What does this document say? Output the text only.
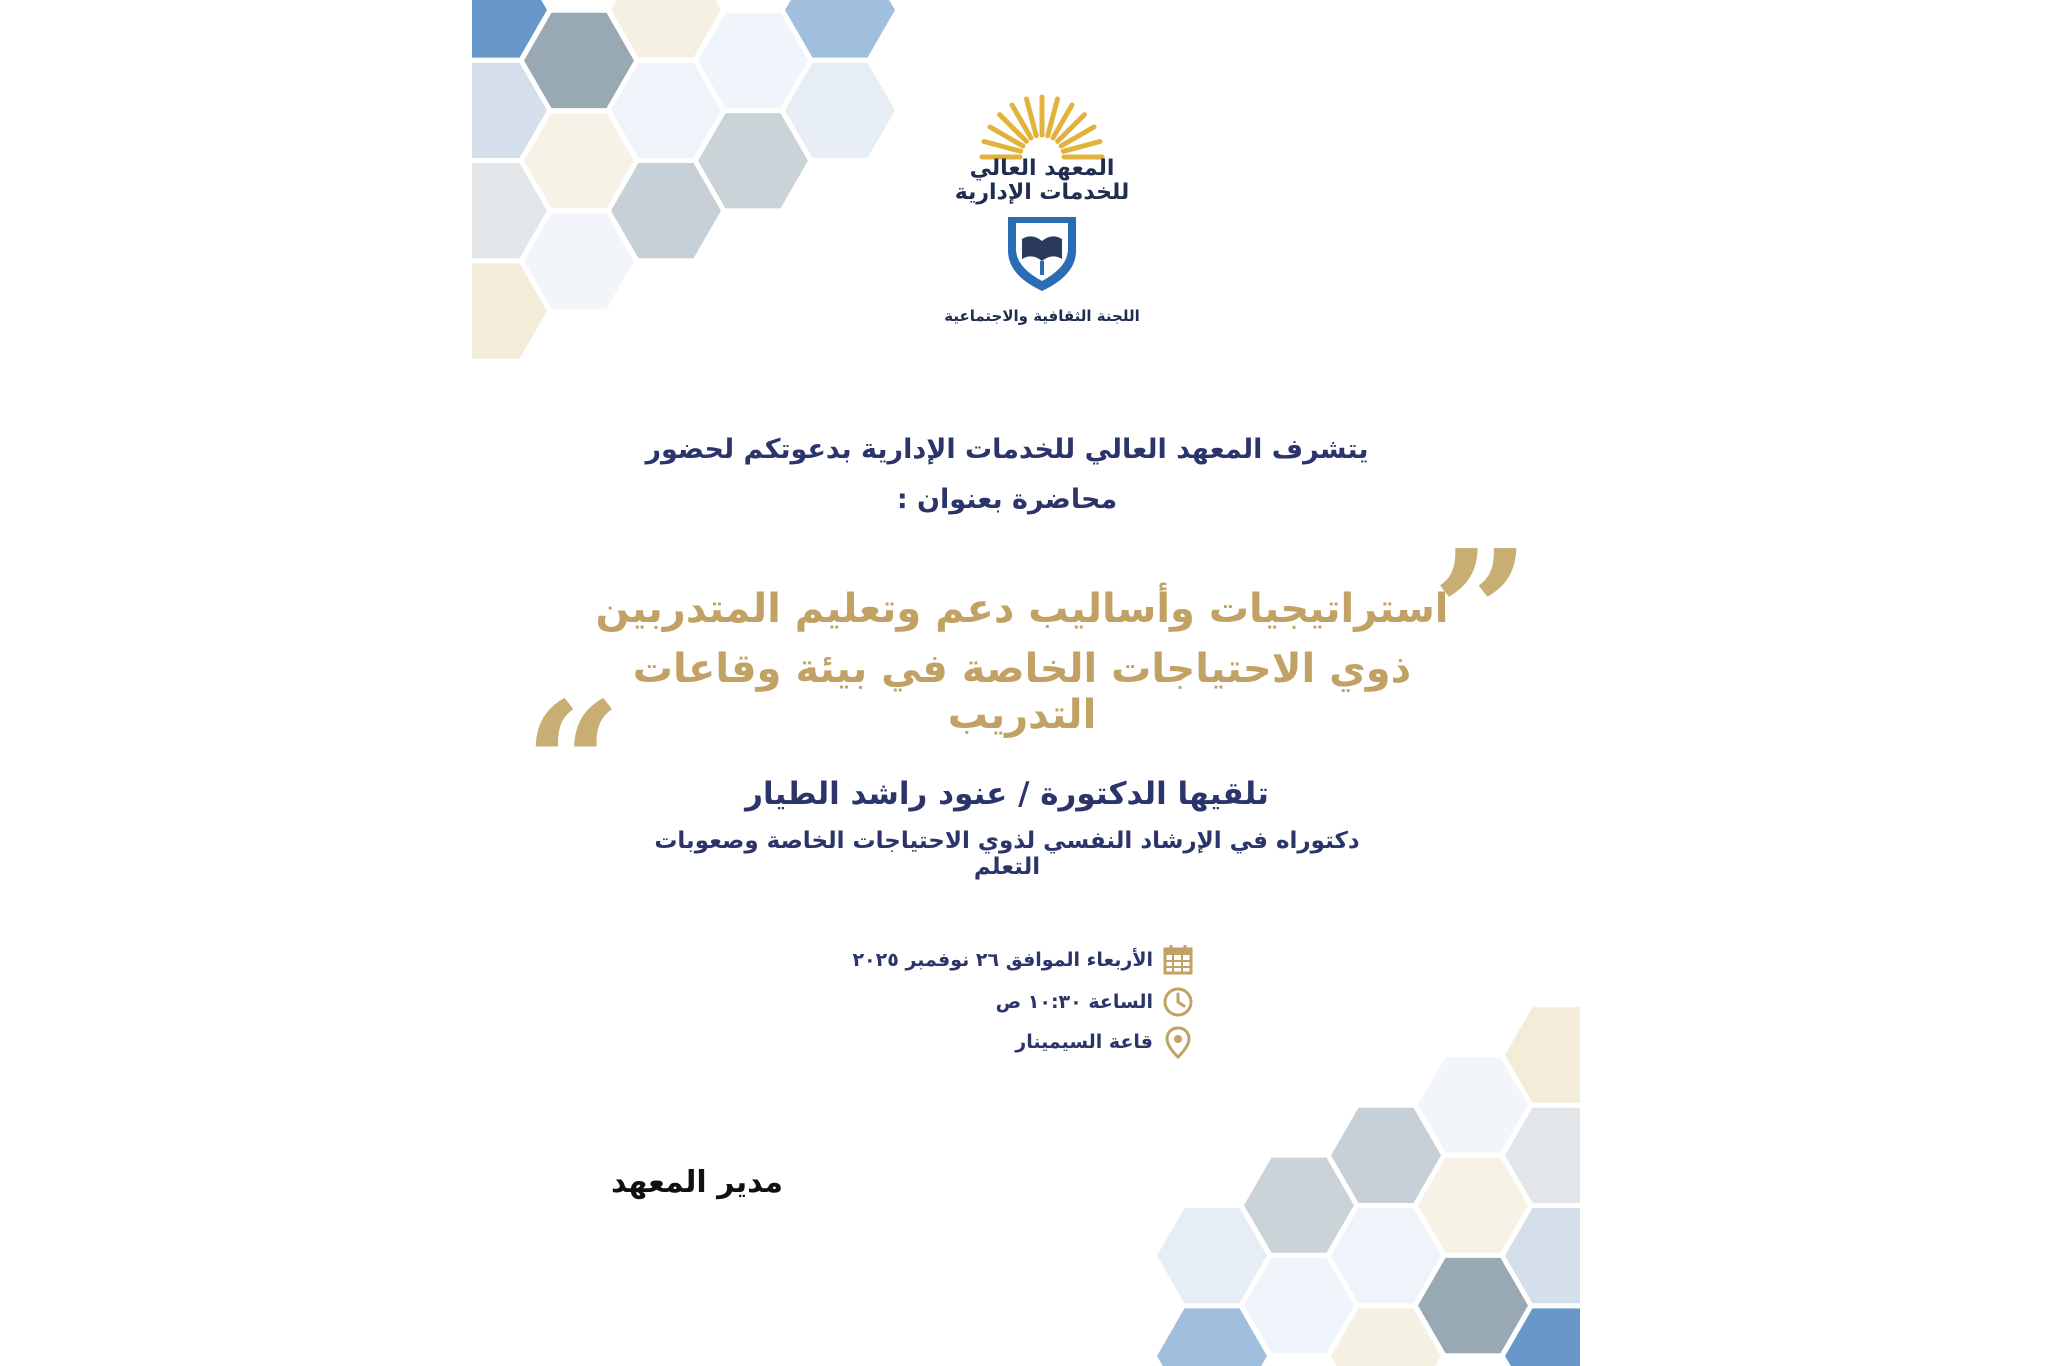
المعهد العالي
للخدمات الإدارية
اللجنة الثقافية والاجتماعية
يتشرف المعهد العالي للخدمات الإدارية بدعوتكم لحضور
محاضرة بعنوان :
”
“
استراتيجيات وأساليب دعم وتعليم المتدربين
ذوي الاحتياجات الخاصة في بيئة وقاعات التدريب
تلقيها الدكتورة / عنود راشد الطيار
دكتوراه في الإرشاد النفسي لذوي الاحتياجات الخاصة وصعوبات التعلم
الأربعاء الموافق ٢٦ نوفمبر ٢٠٢٥
الساعة ١٠:٣٠ ص
قاعة السيمينار
مدير المعهد
